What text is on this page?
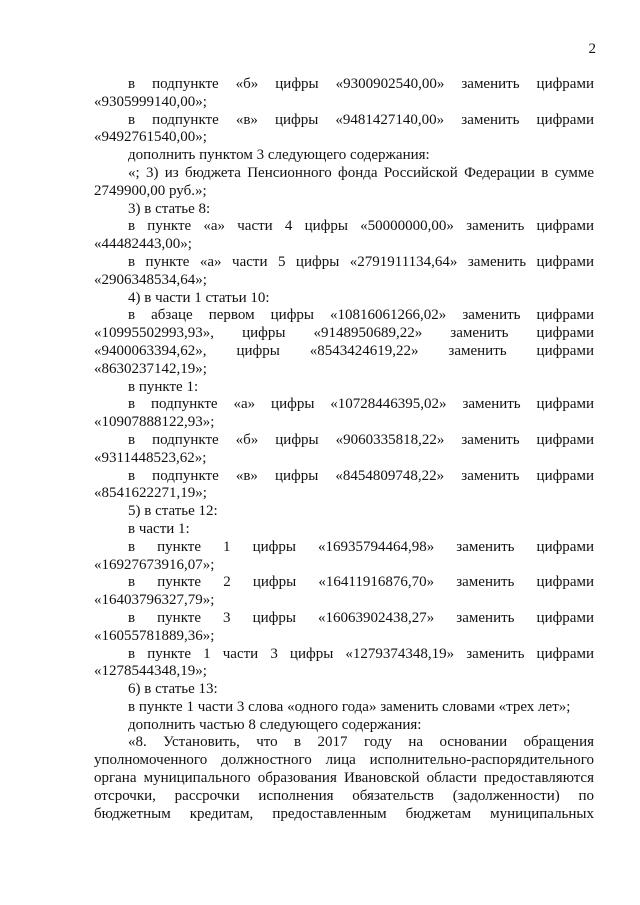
2
в подпункте «б» цифры «9300902540,00» заменить цифрами
«9305999140,00»;
в подпункте «в» цифры «9481427140,00» заменить цифрами
«9492761540,00»;
дополнить пунктом 3 следующего содержания:
«; 3) из бюджета Пенсионного фонда Российской Федерации в сумме
2749900,00 руб.»;
3) в статье 8:
в пункте «а» части 4 цифры «50000000,00» заменить цифрами
«44482443,00»;
в пункте «а» части 5 цифры «2791911134,64» заменить цифрами
«2906348534,64»;
4) в части 1 статьи 10:
в абзаце первом цифры «10816061266,02» заменить цифрами
«10995502993,93», цифры «9148950689,22» заменить цифрами
«9400063394,62», цифры «8543424619,22» заменить цифрами
«8630237142,19»;
в пункте 1:
в подпункте «а» цифры «10728446395,02» заменить цифрами
«10907888122,93»;
в подпункте «б» цифры «9060335818,22» заменить цифрами
«9311448523,62»;
в подпункте «в» цифры «8454809748,22» заменить цифрами
«8541622271,19»;
5) в статье 12:
в части 1:
в пункте 1 цифры «16935794464,98» заменить цифрами
«16927673916,07»;
в пункте 2 цифры «16411916876,70» заменить цифрами
«16403796327,79»;
в пункте 3 цифры «16063902438,27» заменить цифрами
«16055781889,36»;
в пункте 1 части 3 цифры «1279374348,19» заменить цифрами
«1278544348,19»;
6) в статье 13:
в пункте 1 части 3 слова «одного года» заменить словами «трех лет»;
дополнить частью 8 следующего содержания:
«8. Установить, что в 2017 году на основании обращения
уполномоченного должностного лица исполнительно-распорядительного
органа муниципального образования Ивановской области предоставляются
отсрочки, рассрочки исполнения обязательств (задолженности) по
бюджетным кредитам, предоставленным бюджетам муниципальных
